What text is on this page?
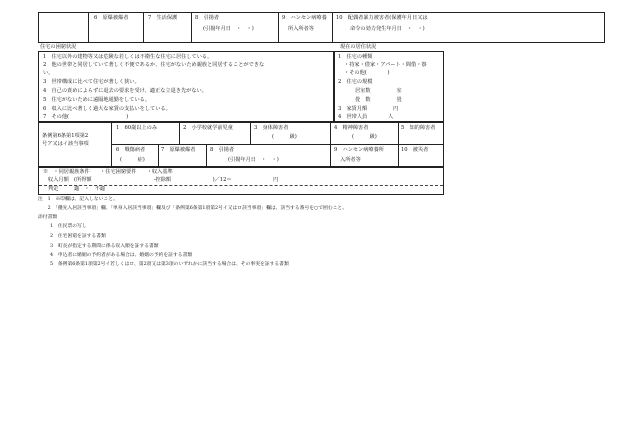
6　原爆被爆者	7　生活保護	8　引揚者
(引揚年月日　・　・)
9　ハンセン病療養
所入所者等
10　配偶者暴力被害者(保護年月日又は
命令の効力発生年月日　・　・)
住宅の困窮状況	現在の居住状況
1　住宅以外の建物等又は危険な若しくは不衛生な住宅に居住している。
2　他の世帯と同居していて著しく不便であるか、住宅がないため親族と同居することができな
い。
3　世帯構成に比べて住宅が著しく狭い。
4　自己の責めによらずに退去の要求を受け、適正な立退き先がない。
5　住宅がないために遠隔地通勤をしている。
6　収入に比べ著しく過大な家賃の支払いをしている。
7　その他(　　　　　　　　　　　)
1　住宅の種類
・持家・借家・アパート・間借・寮
・その他(　　　　)
2　住宅の規模
居室数　　　　　室
畳　数　　　　　畳
3　家賃月額　　　　　円
4　世帯人員　　　　人
条例第6条第1項第2
号ア又はイ該当事項
1　60歳以上のみ	2　小学校就学前児童	3　身体障害者
(　　　級)
4　精神障害者
(　　　級)
5　知的障害者
6　戦傷病者
(　　　症)
7　原爆被爆者	8　引揚者
(引揚年月日　・　・)
9　ハンセン病療養所
入所者等
10　被災者
※　・同居親族条件　　・住宅困窮要件　　・収入基準
収入月額　(所得額　　　　　　　　　　　　-控除額　　　　　　　　)／12＝　　　　　　　　円
判定　　　適　・　不適
注　1　※印欄は、記入しないこと。
　　2　「優先入居該当事項」欄、「単身入居該当事項」欄及び「条例第6条第1項第2号イ又はロ該当事項」欄は、該当する番号を○で囲むこと。
添付書類
1　住民票の写し
2　住宅困窮を証する書類
3　町長が指定する期間に係る収入額を証する書類
4　申込者に婚姻の予約者がある場合は、婚姻の予約を証する書類
5　条例第6条第1項第2号イ若しくはロ、第2項又は第3項のいずれかに該当する場合は、その事実を証する書類
